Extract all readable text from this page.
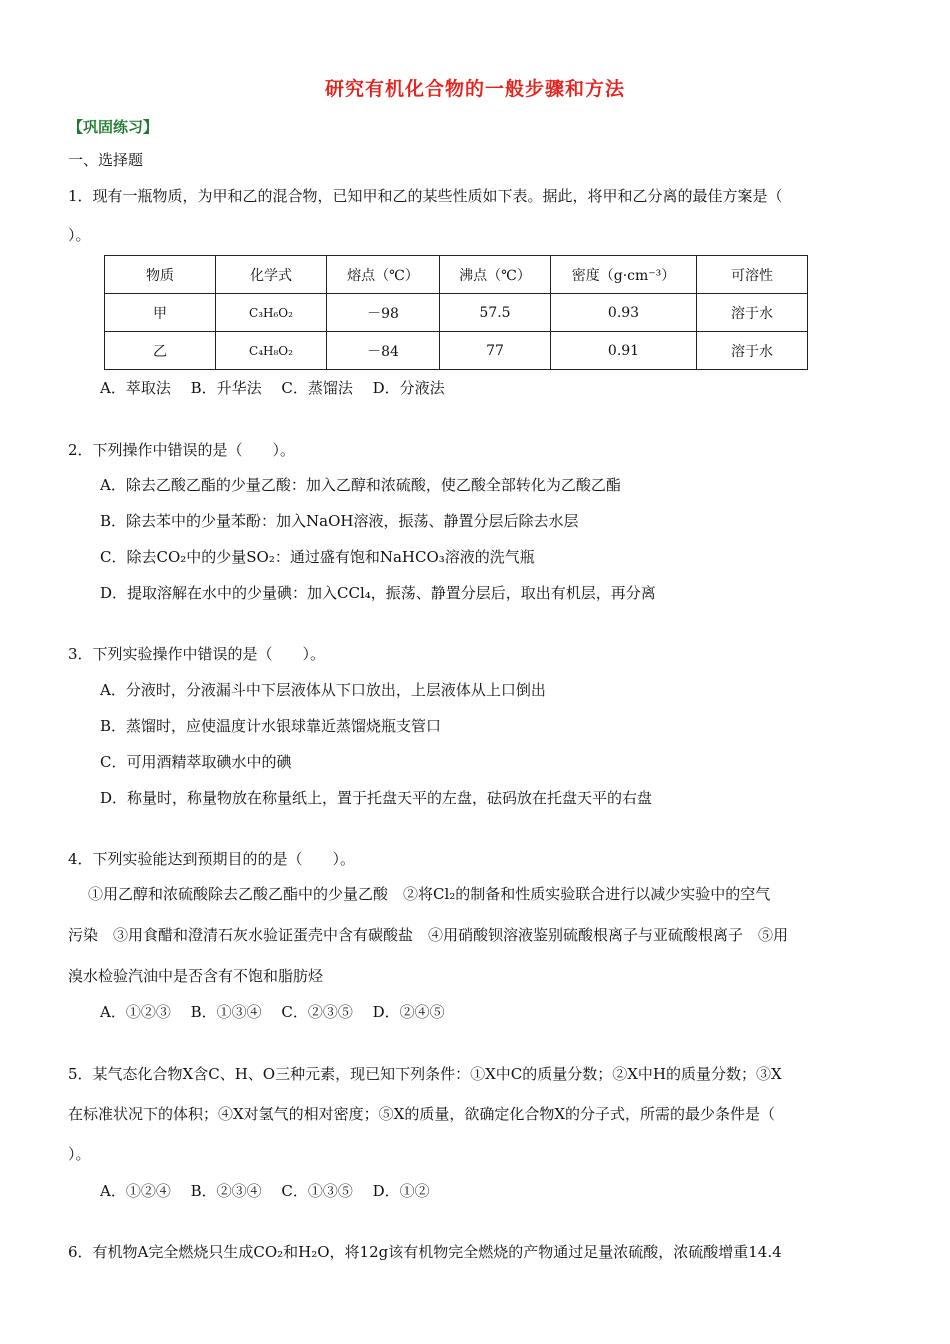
研究有机化合物的一般步骤和方法
【巩固练习】
一、选择题
1．现有一瓶物质，为甲和乙的混合物，已知甲和乙的某些性质如下表。据此，将甲和乙分离的最佳方案是（
）。
物质	化学式	熔点（℃）	沸点（℃）	密度（g·cm⁻³）	可溶性
甲	C₃H₆O₂	－98	57.5	0.93	溶于水
乙	C₄H₈O₂	－84	77	0.91	溶于水
A．萃取法　 B．升华法　 C．蒸馏法　 D．分液法
2．下列操作中错误的是（　　）。
A．除去乙酸乙酯的少量乙酸：加入乙醇和浓硫酸，使乙酸全部转化为乙酸乙酯
B．除去苯中的少量苯酚：加入NaOH溶液，振荡、静置分层后除去水层
C．除去CO₂中的少量SO₂：通过盛有饱和NaHCO₃溶液的洗气瓶
D．提取溶解在水中的少量碘：加入CCl₄，振荡、静置分层后，取出有机层，再分离
3．下列实验操作中错误的是（　　）。
A．分液时，分液漏斗中下层液体从下口放出，上层液体从上口倒出
B．蒸馏时，应使温度计水银球靠近蒸馏烧瓶支管口
C．可用酒精萃取碘水中的碘
D．称量时，称量物放在称量纸上，置于托盘天平的左盘，砝码放在托盘天平的右盘
4．下列实验能达到预期目的的是（　　）。
①用乙醇和浓硫酸除去乙酸乙酯中的少量乙酸　②将Cl₂的制备和性质实验联合进行以减少实验中的空气
污染　③用食醋和澄清石灰水验证蛋壳中含有碳酸盐　④用硝酸钡溶液鉴别硫酸根离子与亚硫酸根离子　⑤用
溴水检验汽油中是否含有不饱和脂肪烃
A．①②③　 B．①③④　 C．②③⑤　 D．②④⑤
5．某气态化合物X含C、H、O三种元素，现已知下列条件：①X中C的质量分数；②X中H的质量分数；③X
在标准状况下的体积；④X对氢气的相对密度；⑤X的质量，欲确定化合物X的分子式，所需的最少条件是（
）。
A．①②④　 B．②③④　 C．①③⑤　 D．①②
6．有机物A完全燃烧只生成CO₂和H₂O，将12g该有机物完全燃烧的产物通过足量浓硫酸，浓硫酸增重14.4
